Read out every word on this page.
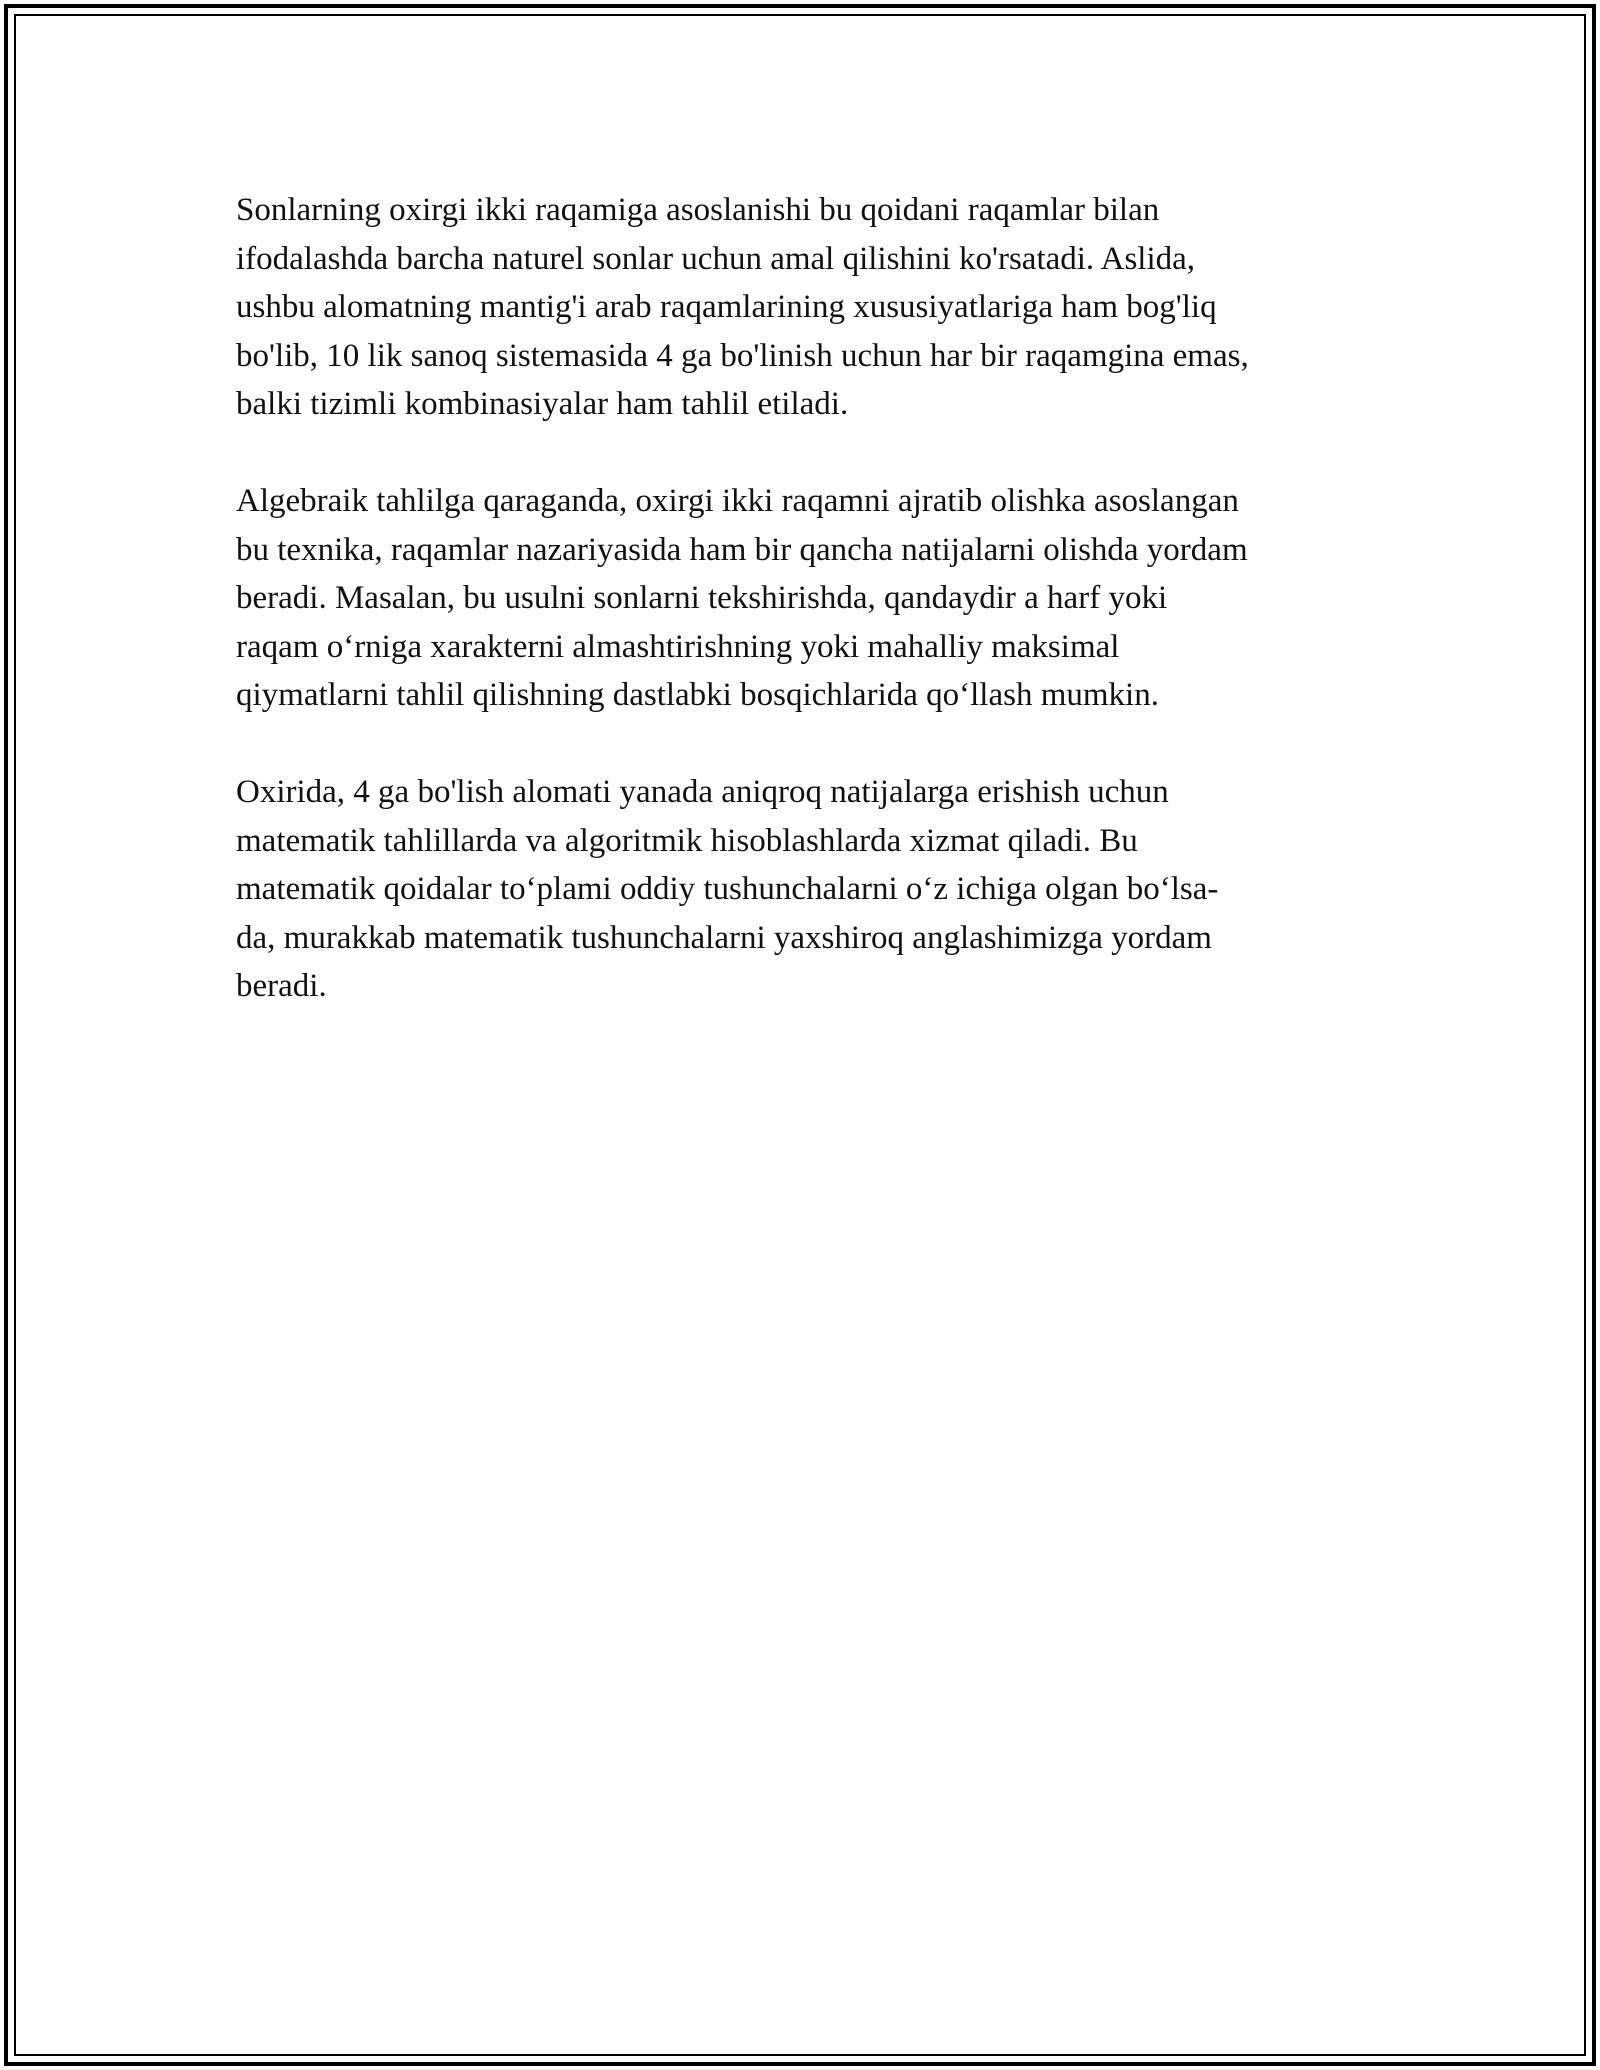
Sonlarning oxirgi ikki raqamiga asoslanishi bu qoidani raqamlar bilan
ifodalashda barcha naturel sonlar uchun amal qilishini ko'rsatadi. Aslida,
ushbu alomatning mantig'i arab raqamlarining xususiyatlariga ham bog'liq
bo'lib, 10 lik sanoq sistemasida 4 ga bo'linish uchun har bir raqamgina emas,
balki tizimli kombinasiyalar ham tahlil etiladi.

Algebraik tahlilga qaraganda, oxirgi ikki raqamni ajratib olishka asoslangan
bu texnika, raqamlar nazariyasida ham bir qancha natijalarni olishda yordam
beradi. Masalan, bu usulni sonlarni tekshirishda, qandaydir a harf yoki
raqam o‘rniga xarakterni almashtirishning yoki mahalliy maksimal
qiymatlarni tahlil qilishning dastlabki bosqichlarida qo‘llash mumkin.

Oxirida, 4 ga bo'lish alomati yanada aniqroq natijalarga erishish uchun
matematik tahlillarda va algoritmik hisoblashlarda xizmat qiladi. Bu
matematik qoidalar to‘plami oddiy tushunchalarni o‘z ichiga olgan bo‘lsa-
da, murakkab matematik tushunchalarni yaxshiroq anglashimizga yordam
beradi.
